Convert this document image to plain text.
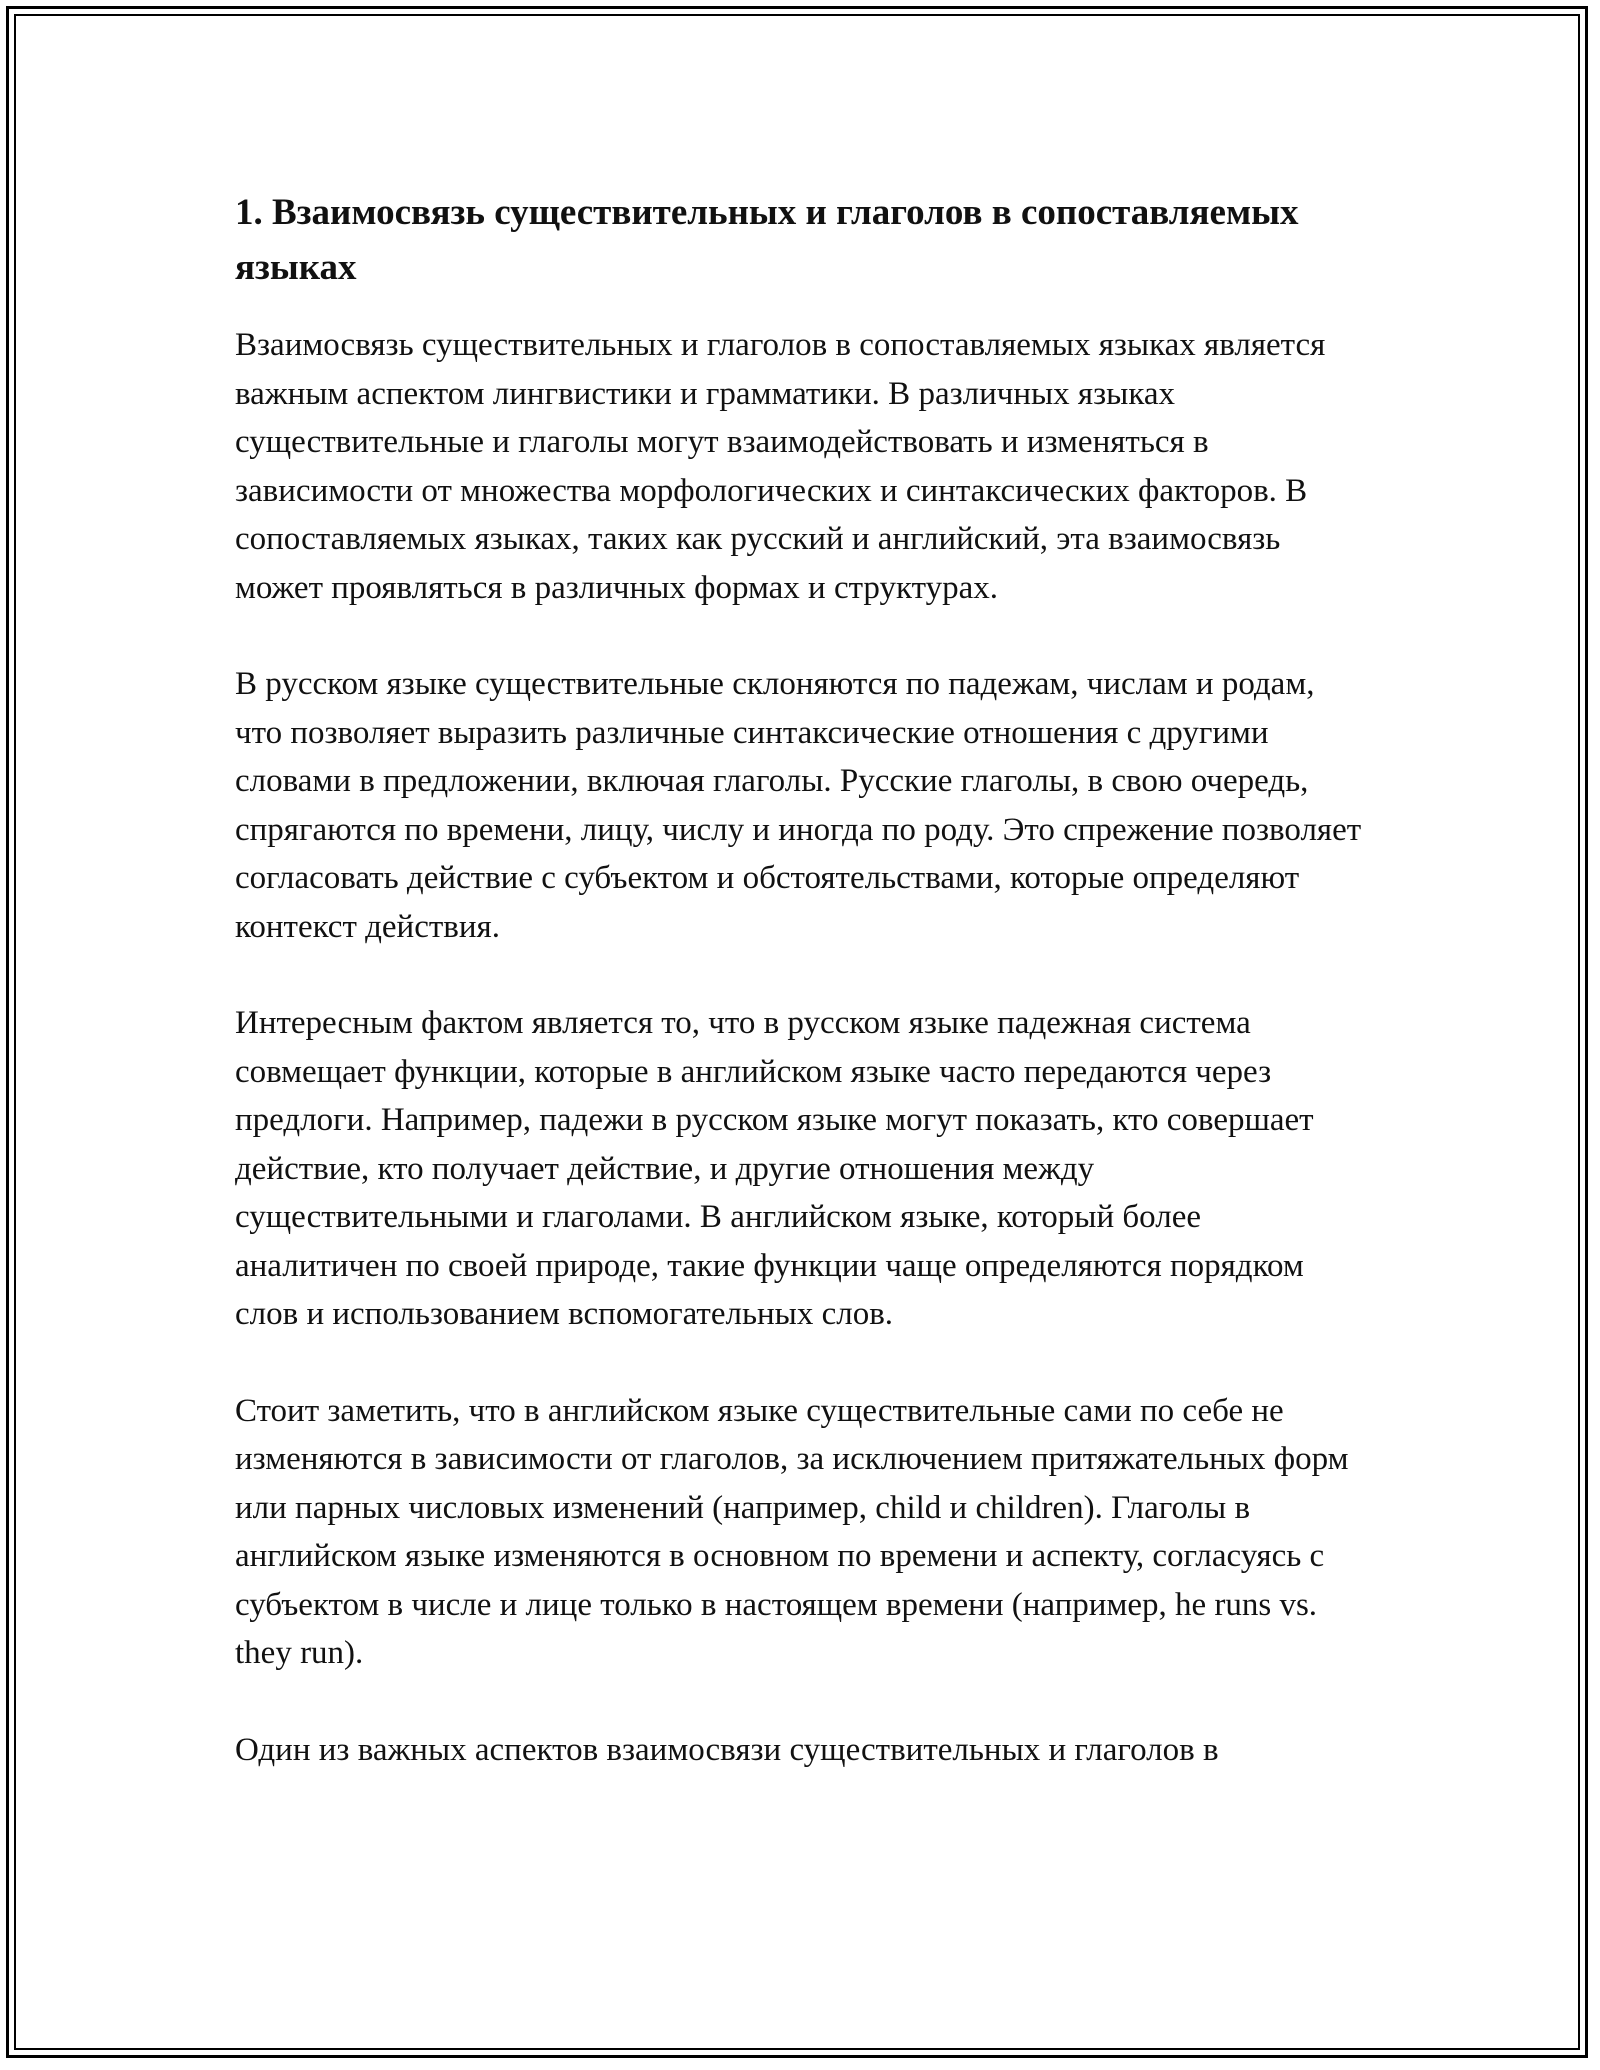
1. Взаимосвязь существительных и глаголов в сопоставляемых языках

Взаимосвязь существительных и глаголов в сопоставляемых языках является важным аспектом лингвистики и грамматики. В различных языках существительные и глаголы могут взаимодействовать и изменяться в зависимости от множества морфологических и синтаксических факторов. В сопоставляемых языках, таких как русский и английский, эта взаимосвязь может проявляться в различных формах и структурах.

В русском языке существительные склоняются по падежам, числам и родам, что позволяет выразить различные синтаксические отношения с другими словами в предложении, включая глаголы. Русские глаголы, в свою очередь, спрягаются по времени, лицу, числу и иногда по роду. Это спрежение позволяет согласовать действие с субъектом и обстоятельствами, которые определяют контекст действия.

Интересным фактом является то, что в русском языке падежная система совмещает функции, которые в английском языке часто передаются через предлоги. Например, падежи в русском языке могут показать, кто совершает действие, кто получает действие, и другие отношения между существительными и глаголами. В английском языке, который более аналитичен по своей природе, такие функции чаще определяются порядком слов и использованием вспомогательных слов.

Стоит заметить, что в английском языке существительные сами по себе не изменяются в зависимости от глаголов, за исключением притяжательных форм или парных числовых изменений (например, child и children). Глаголы в английском языке изменяются в основном по времени и аспекту, согласуясь с субъектом в числе и лице только в настоящем времени (например, he runs vs. they run).

Один из важных аспектов взаимосвязи существительных и глаголов в
